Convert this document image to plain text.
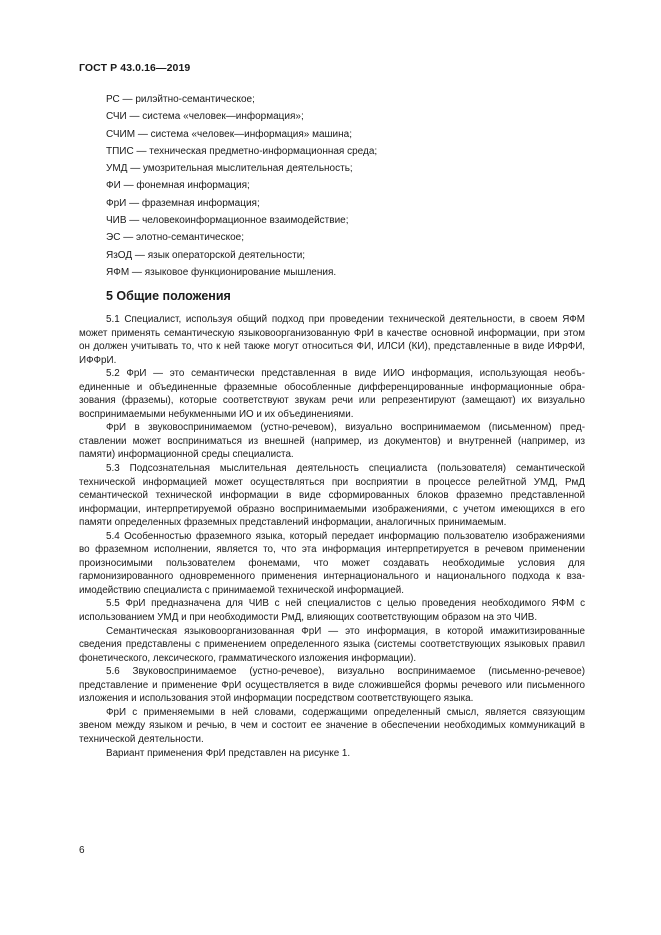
ГОСТ Р 43.0.16—2019
РС — рилэйтно-семантическое;
СЧИ — система «человек—информация»;
СЧИМ — система «человек—информация» машина;
ТПИС — техническая предметно-информационная среда;
УМД — умозрительная мыслительная деятельность;
ФИ — фонемная информация;
ФрИ — фраземная информация;
ЧИВ — человекоинформационное взаимодействие;
ЭС — элотно-семантическое;
ЯзОД — язык операторской деятельности;
ЯФМ — языковое функционирование мышления.
5 Общие положения

5.1 Специалист, используя общий подход при проведении технической деятельности, в своем ЯФМ может применять семантическую языковоорганизованную ФрИ в качестве основной информации, при этом он должен учитывать то, что к ней также могут относиться ФИ, ИЛСИ (КИ), представленные в виде ИФрФИ, ИФФрИ.

5.2 ФрИ — это семантически представленная в виде ИИО информация, использующая необъединенные и объединенные фраземные обособленные дифференцированные информационные образования (фраземы), которые соответствуют звукам речи или репрезентируют (замещают) их визуально воспринимаемыми небукменными ИО и их объединениями.

ФрИ в звуковоспринимаемом (устно-речевом), визуально воспринимаемом (письменном) представлении может восприниматься из внешней (например, из документов) и внутренней (например, из памяти) информационной среды специалиста.

5.3 Подсознательная мыслительная деятельность специалиста (пользователя) семантической технической информацией может осуществляться при восприятии в процессе релейтной УМД, РмД семантической технической информации в виде сформированных блоков фраземно представленной информации, интерпретируемой образно воспринимаемыми изображениями, с учетом имеющихся в его памяти определенных фраземных представлений информации, аналогичных принимаемым.

5.4 Особенностью фраземного языка, который передает информацию пользователю изображениями во фраземном исполнении, является то, что эта информация интерпретируется в речевом применении произносимыми пользователем фонемами, что может создавать необходимые условия для гармонизированного одновременного применения интернационального и национального подхода к взаимодействию специалиста с принимаемой технической информацией.

5.5 ФрИ предназначена для ЧИВ с ней специалистов с целью проведения необходимого ЯФМ с использованием УМД и при необходимости РмД, влияющих соответствующим образом на это ЧИВ.

Семантическая языковоорганизованная ФрИ — это информация, в которой имажитизированные сведения представлены с применением определенного языка (системы соответствующих языковых правил фонетического, лексического, грамматического изложения информации).

5.6 Звуковоспринимаемое (устно-речевое), визуально воспринимаемое (письменно-речевое) представление и применение ФрИ осуществляется в виде сложившейся формы речевого или письменного изложения и использования этой информации посредством соответствующего языка.

ФрИ с применяемыми в ней словами, содержащими определенный смысл, является связующим звеном между языком и речью, в чем и состоит ее значение в обеспечении необходимых коммуникаций в технической деятельности.

Вариант применения ФрИ представлен на рисунке 1.

6
